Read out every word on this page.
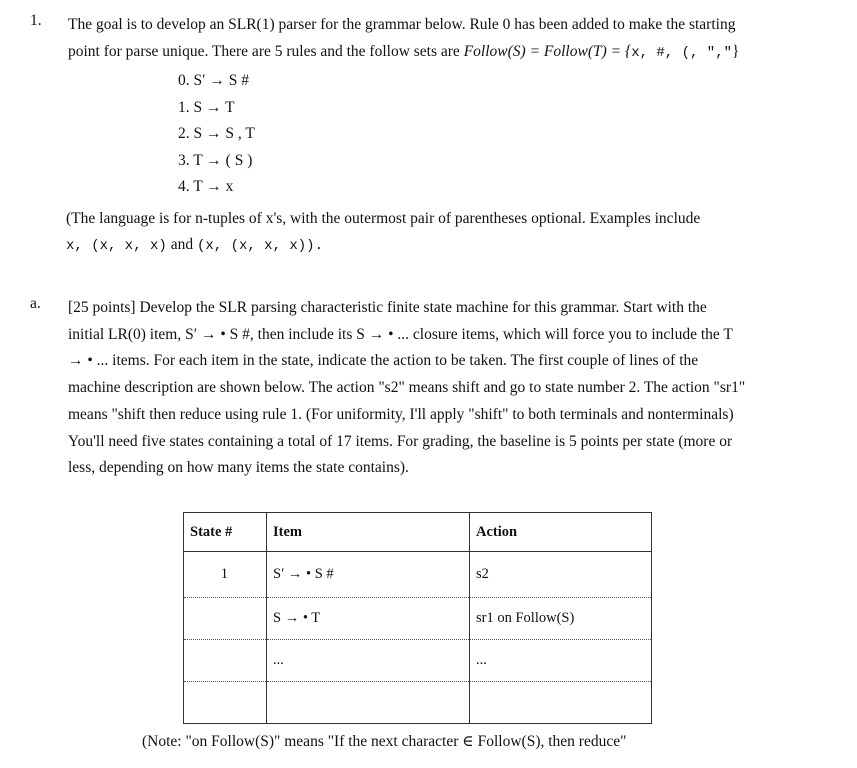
1. The goal is to develop an SLR(1) parser for the grammar below. Rule 0 has been added to make the starting
point for parse unique. There are 5 rules and the follow sets are Follow(S) = Follow(T) = {x, #, (, ","}
0. S′ → S #
1. S → T
2. S → S , T
3. T → ( S )
4. T → x
(The language is for n-tuples of x's, with the outermost pair of parentheses optional. Examples include
x, (x, x, x) and (x, (x, x, x)).
a. [25 points] Develop the SLR parsing characteristic finite state machine for this grammar. Start with the
initial LR(0) item, S′ → • S #, then include its S → • ... closure items, which will force you to include the T
→ • ... items. For each item in the state, indicate the action to be taken. The first couple of lines of the
machine description are shown below. The action "s2" means shift and go to state number 2. The action "sr1"
means "shift then reduce using rule 1. (For uniformity, I'll apply "shift" to both terminals and nonterminals)
You'll need five states containing a total of 17 items. For grading, the baseline is 5 points per state (more or
less, depending on how many items the state contains).
State #	Item	Action
1	S′ → • S #	s2
	S → • T	sr1 on Follow(S)
	...	...

(Note: "on Follow(S)" means "If the next character ∈ Follow(S), then reduce"
